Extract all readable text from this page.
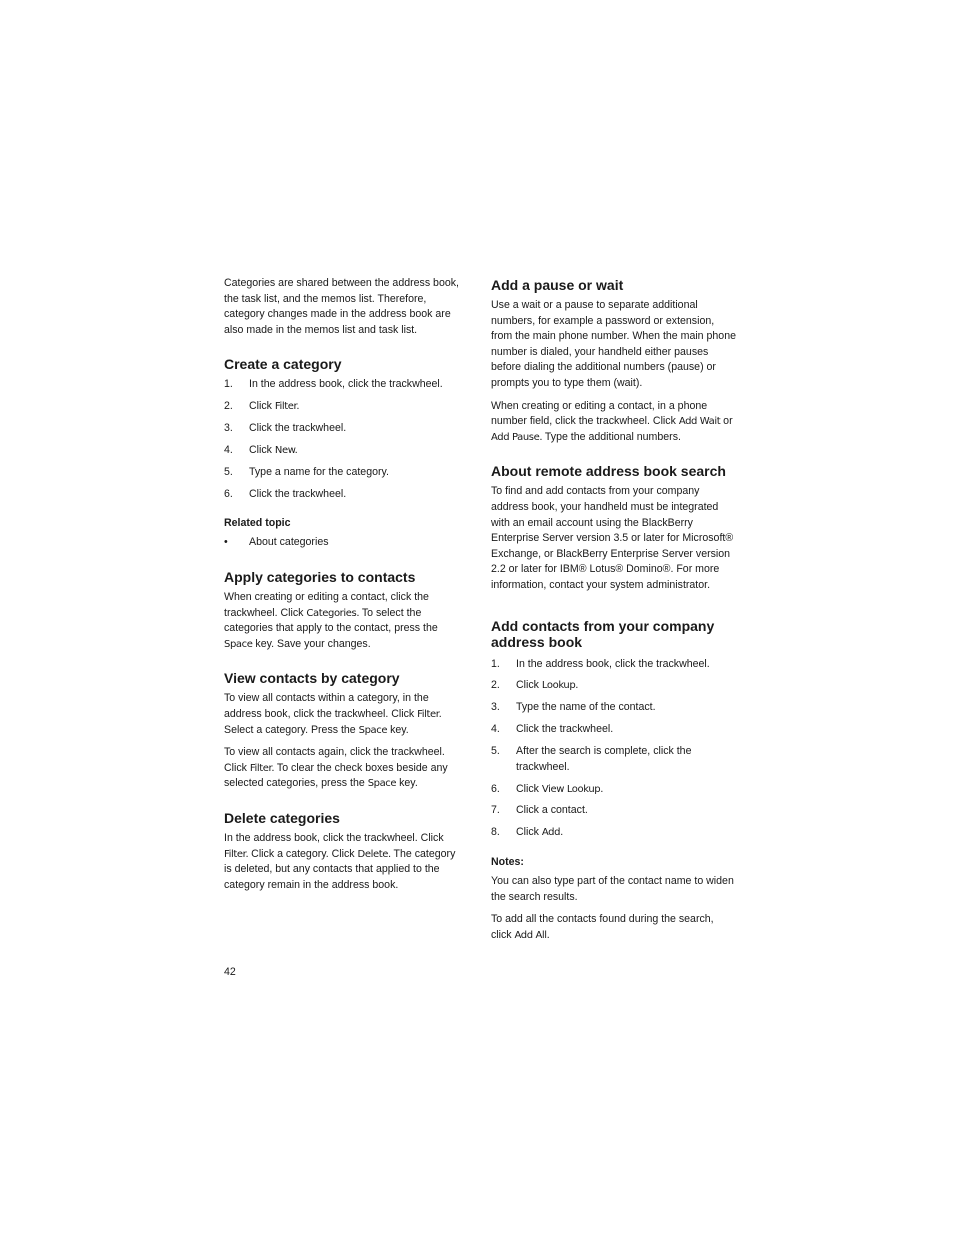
Categories are shared between the address book, the task list, and the memos list. Therefore, category changes made in the address book are also made in the memos list and task list.

Create a category
1. In the address book, click the trackwheel.
2. Click Filter.
3. Click the trackwheel.
4. Click New.
5. Type a name for the category.
6. Click the trackwheel.
Related topic
• About categories
Apply categories to contacts

When creating or editing a contact, click the trackwheel. Click Categories. To select the categories that apply to the contact, press the Space key. Save your changes.

View contacts by category

To view all contacts within a category, in the address book, click the trackwheel. Click Filter. Select a category. Press the Space key.

To view all contacts again, click the trackwheel. Click Filter. To clear the check boxes beside any selected categories, press the Space key.

Delete categories

In the address book, click the trackwheel. Click Filter. Click a category. Click Delete. The category is deleted, but any contacts that applied to the category remain in the address book.

Add a pause or wait

Use a wait or a pause to separate additional numbers, for example a password or extension, from the main phone number. When the main phone number is dialed, your handheld either pauses before dialing the additional numbers (pause) or prompts you to type them (wait).

When creating or editing a contact, in a phone number field, click the trackwheel. Click Add Wait or Add Pause. Type the additional numbers.

About remote address book search

To find and add contacts from your company address book, your handheld must be integrated with an email account using the BlackBerry Enterprise Server version 3.5 or later for Microsoft® Exchange, or BlackBerry Enterprise Server version 2.2 or later for IBM® Lotus® Domino®. For more information, contact your system administrator.

Add contacts from your company address book
1. In the address book, click the trackwheel.
2. Click Lookup.
3. Type the name of the contact.
4. Click the trackwheel.
5. After the search is complete, click the trackwheel.
6. Click View Lookup.
7. Click a contact.
8. Click Add.
Notes:

You can also type part of the contact name to widen the search results.

To add all the contacts found during the search, click Add All.

42
